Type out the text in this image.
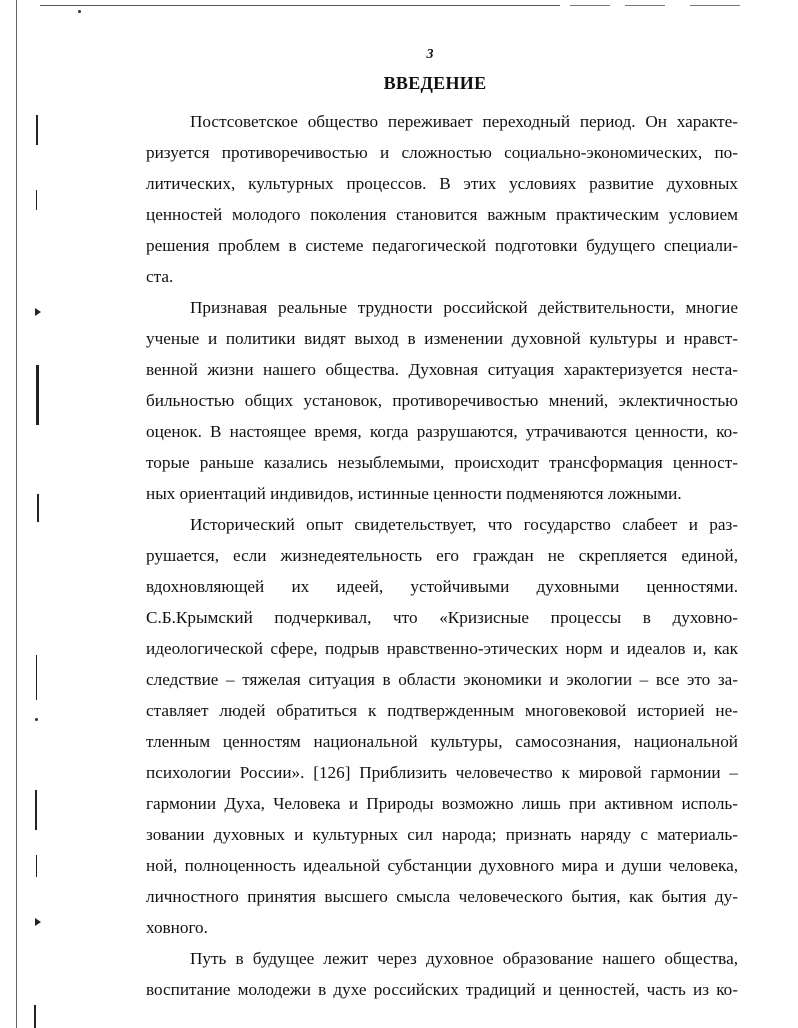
3
ВВЕДЕНИЕ
Постсоветское общество переживает переходный период. Он характе-
ризуется противоречивостью и сложностью социально-экономических, по-
литических, культурных процессов. В этих условиях развитие духовных
ценностей молодого поколения становится важным практическим условием
решения проблем в системе педагогической подготовки будущего специали-
ста.
Признавая реальные трудности российской действительности, многие
ученые и политики видят выход в изменении духовной культуры и нравст-
венной жизни нашего общества. Духовная ситуация характеризуется неста-
бильностью общих установок, противоречивостью мнений, эклектичностью
оценок. В настоящее время, когда разрушаются, утрачиваются ценности, ко-
торые раньше казались незыблемыми, происходит трансформация ценност-
ных ориентаций индивидов, истинные ценности подменяются ложными.
Исторический опыт свидетельствует, что государство слабеет и раз-
рушается, если жизнедеятельность его граждан не скрепляется единой,
вдохновляющей их идеей, устойчивыми духовными ценностями.
С.Б.Крымский подчеркивал, что «Кризисные процессы в духовно-
идеологической сфере, подрыв нравственно-этических норм и идеалов и, как
следствие – тяжелая ситуация в области экономики и экологии – все это за-
ставляет людей обратиться к подтвержденным многовековой историей не-
тленным ценностям национальной культуры, самосознания, национальной
психологии России». [126] Приблизить человечество к мировой гармонии –
гармонии Духа, Человека и Природы возможно лишь при активном исполь-
зовании духовных и культурных сил народа; признать наряду с материаль-
ной, полноценность идеальной субстанции духовного мира и души человека,
личностного принятия высшего смысла человеческого бытия, как бытия ду-
ховного.
Путь в будущее лежит через духовное образование нашего общества,
воспитание молодежи в духе российских традиций и ценностей, часть из ко-
